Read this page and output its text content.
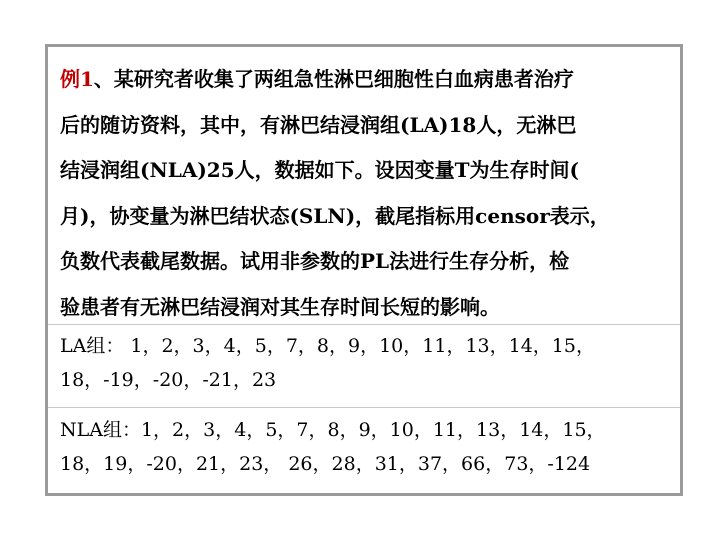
例1、某研究者收集了两组急性淋巴细胞性白血病患者治疗
后的随访资料，其中，有淋巴结浸润组(LA)18人，无淋巴
结浸润组(NLA)25人，数据如下。设因变量T为生存时间(
月)，协变量为淋巴结状态(SLN)，截尾指标用censor表示，
负数代表截尾数据。试用非参数的PL法进行生存分析，检
验患者有无淋巴结浸润对其生存时间长短的影响。

LA组： 1，2，3，4，5，7，8，9，10，11，13，14，15，
18，-19，-20，-21，23

NLA组：1，2，3，4，5，7，8，9，10，11，13，14，15，
18，19，-20，21，23， 26，28，31，37，66，73，-124
